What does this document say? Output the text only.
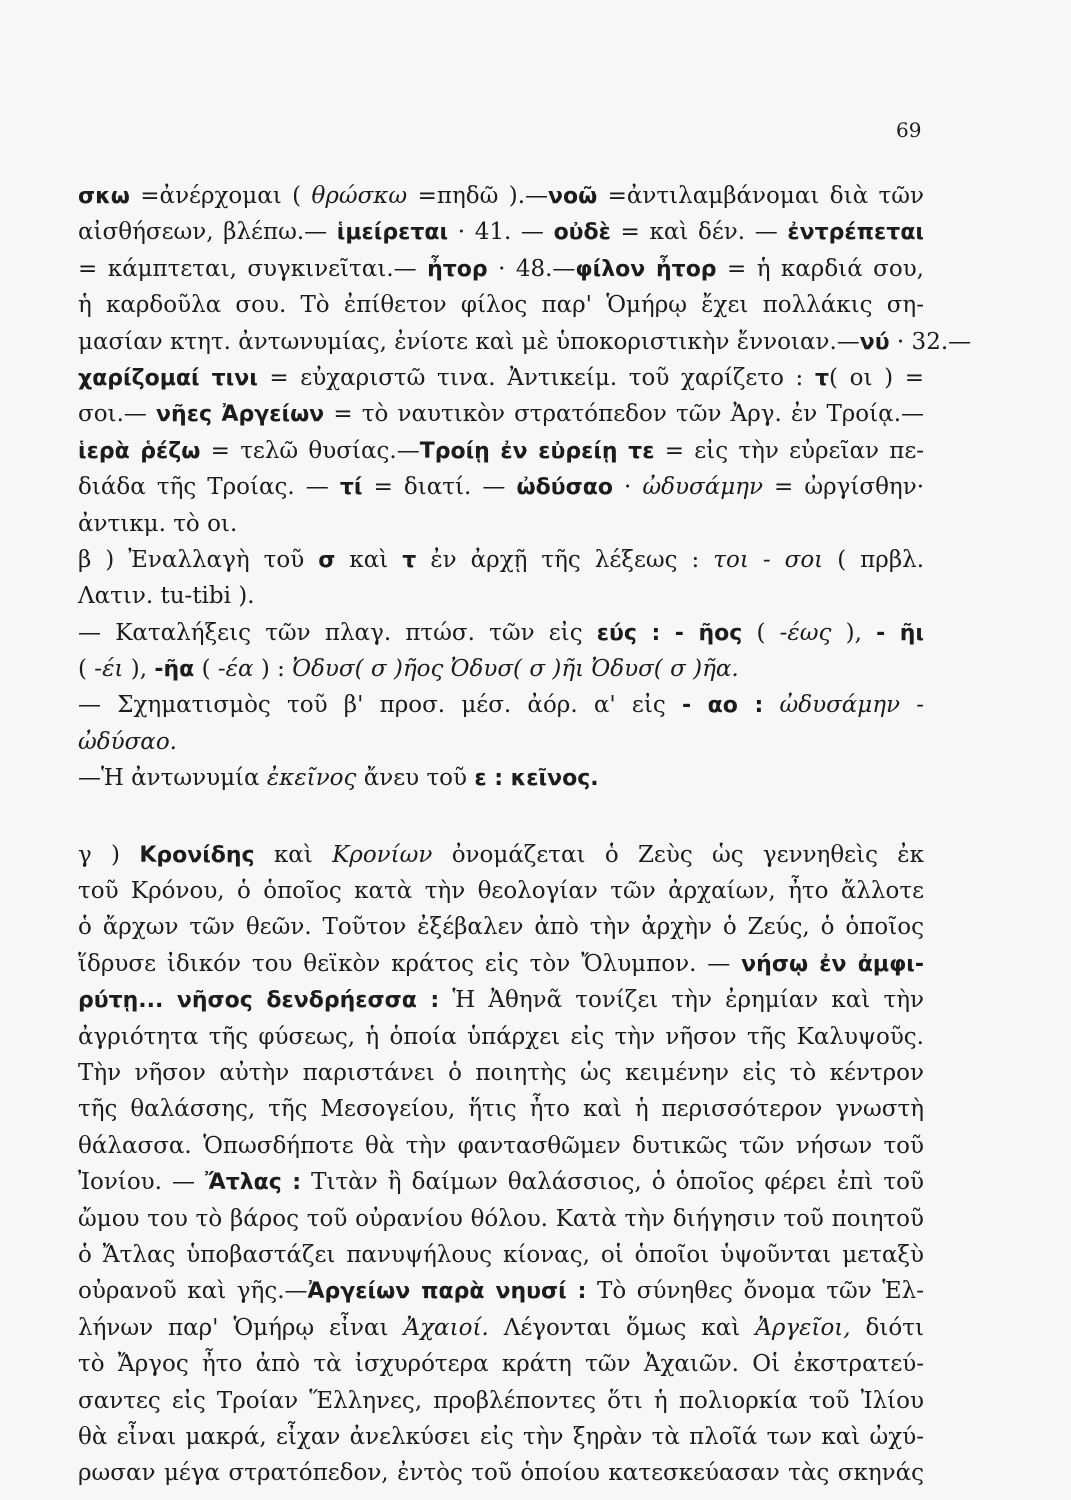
69
σκω =ἀνέρχομαι ( θρώσκω =πηδῶ ).—νοῶ =ἀντιλαμβάνομαι διὰ τῶν
αἰσθήσεων, βλέπω.— ἱμείρεται · 41. — οὐδὲ = καὶ δέν. — ἐντρέπεται
= κάμπτεται, συγκινεῖται.— ἦτορ · 48.—φίλον ἦτορ = ἡ καρδιά σου,
ἡ καρδοῦλα σου. Τὸ ἐπίθετον φίλος παρ' Ὁμήρῳ ἔχει πολλάκις ση-
μασίαν κτητ. ἀντωνυμίας, ἐνίοτε καὶ μὲ ὑποκοριστικὴν ἔννοιαν.—νύ · 32.—
χαρίζομαί τινι = εὐχαριστῶ τινα. Ἀντικείμ. τοῦ χαρίζετο : τ( οι ) =
σοι.— νῆες Ἀργείων = τὸ ναυτικὸν στρατόπεδον τῶν Ἀργ. ἐν Τροίᾳ.—
ἱερὰ ῥέζω = τελῶ θυσίας.—Τροίῃ ἐν εὐρείῃ τε = εἰς τὴν εὐρεῖαν πε-
διάδα τῆς Τροίας. — τί = διατί. — ὠδύσαο · ὠδυσάμην = ὠργίσθην·
ἀντικμ. τὸ οι.
β ) Ἐναλλαγὴ τοῦ σ καὶ τ ἐν ἀρχῇ τῆς λέξεως : τοι - σοι ( πρβλ.
Λατιν. tu-tibi ).
— Καταλήξεις τῶν πλαγ. πτώσ. τῶν εἰς εύς : - ῆος ( -έως ), - ῆι
( -έι ), -ῆα ( -έα ) : Ὀδυσ( σ )ῆος Ὀδυσ( σ )ῆι Ὀδυσ( σ )ῆα.
— Σχηματισμὸς τοῦ β' προσ. μέσ. ἀόρ. α' εἰς - αο : ὠδυσάμην -
ὠδύσαο.
—Ἡ ἀντωνυμία ἐκεῖνος ἄνευ τοῦ ε : κεῖνος.
γ ) Κρονίδης καὶ Κρονίων ὀνομάζεται ὁ Ζεὺς ὡς γεννηθεὶς ἐκ
τοῦ Κρόνου, ὁ ὁποῖος κατὰ τὴν θεολογίαν τῶν ἀρχαίων, ἦτο ἄλλοτε
ὁ ἄρχων τῶν θεῶν. Τοῦτον ἐξέβαλεν ἀπὸ τὴν ἀρχὴν ὁ Ζεύς, ὁ ὁποῖος
ἵδρυσε ἰδικόν του θεϊκὸν κράτος εἰς τὸν Ὄλυμπον. — νήσῳ ἐν ἀμφι-
ρύτῃ... νῆσος δενδρήεσσα : Ἡ Ἀθηνᾶ τονίζει τὴν ἐρημίαν καὶ τὴν
ἀγριότητα τῆς φύσεως, ἡ ὁποία ὑπάρχει εἰς τὴν νῆσον τῆς Καλυψοῦς.
Τὴν νῆσον αὐτὴν παριστάνει ὁ ποιητὴς ὡς κειμένην εἰς τὸ κέντρον
τῆς θαλάσσης, τῆς Μεσογείου, ἥτις ἦτο καὶ ἡ περισσότερον γνωστὴ
θάλασσα. Ὁπωσδήποτε θὰ τὴν φαντασθῶμεν δυτικῶς τῶν νήσων τοῦ
Ἰονίου. — Ἄτλας : Τιτὰν ἢ δαίμων θαλάσσιος, ὁ ὁποῖος φέρει ἐπὶ τοῦ
ὤμου του τὸ βάρος τοῦ οὐρανίου θόλου. Κατὰ τὴν διήγησιν τοῦ ποιητοῦ
ὁ Ἄτλας ὑποβαστάζει πανυψήλους κίονας, οἱ ὁποῖοι ὑψοῦνται μεταξὺ
οὐρανοῦ καὶ γῆς.—Ἀργείων παρὰ νηυσί : Τὸ σύνηθες ὄνομα τῶν Ἑλ-
λήνων παρ' Ὁμήρῳ εἶναι Ἀχαιοί. Λέγονται ὅμως καὶ Ἀργεῖοι, διότι
τὸ Ἄργος ἦτο ἀπὸ τὰ ἰσχυρότερα κράτη τῶν Ἀχαιῶν. Οἱ ἐκστρατεύ-
σαντες εἰς Τροίαν Ἕλληνες, προβλέποντες ὅτι ἡ πολιορκία τοῦ Ἰλίου
θὰ εἶναι μακρά, εἶχαν ἀνελκύσει εἰς τὴν ξηρὰν τὰ πλοῖά των καὶ ὠχύ-
ρωσαν μέγα στρατόπεδον, ἐντὸς τοῦ ὁποίου κατεσκεύασαν τὰς σκηνάς
